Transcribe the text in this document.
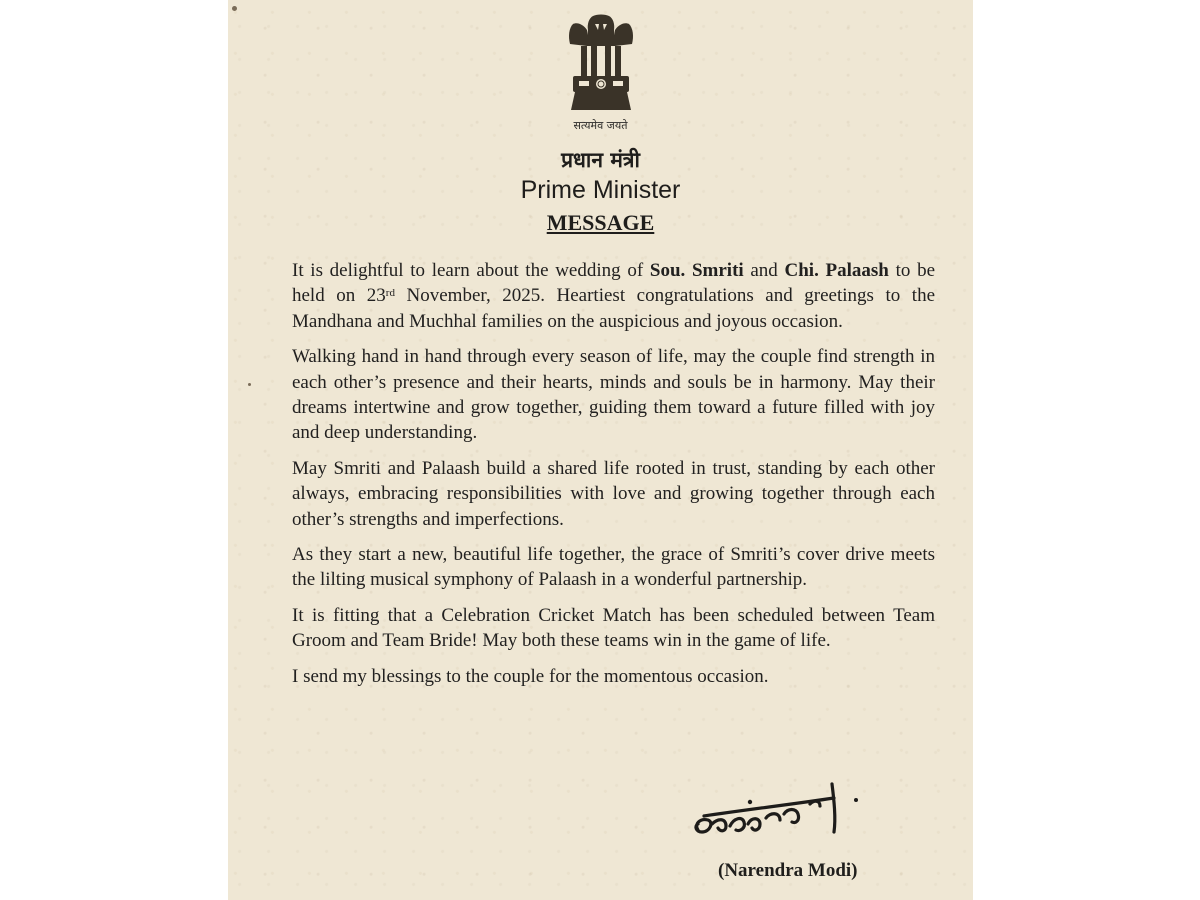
सत्यमेव जयते
प्रधान मंत्री
Prime Minister
MESSAGE

It is delightful to learn about the wedding of Sou. Smriti and Chi. Palaash to be held on 23rd November, 2025. Heartiest congratulations and greetings to the Mandhana and Muchhal families on the auspicious and joyous occasion.

Walking hand in hand through every season of life, may the couple find strength in each other’s presence and their hearts, minds and souls be in harmony. May their dreams intertwine and grow together, guiding them toward a future filled with joy and deep understanding.

May Smriti and Palaash build a shared life rooted in trust, standing by each other always, embracing responsibilities with love and growing together through each other’s strengths and imperfections.

As they start a new, beautiful life together, the grace of Smriti’s cover drive meets the lilting musical symphony of Palaash in a wonderful partnership.

It is fitting that a Celebration Cricket Match has been scheduled between Team Groom and Team Bride! May both these teams win in the game of life.

I send my blessings to the couple for the momentous occasion.

(Narendra Modi)
